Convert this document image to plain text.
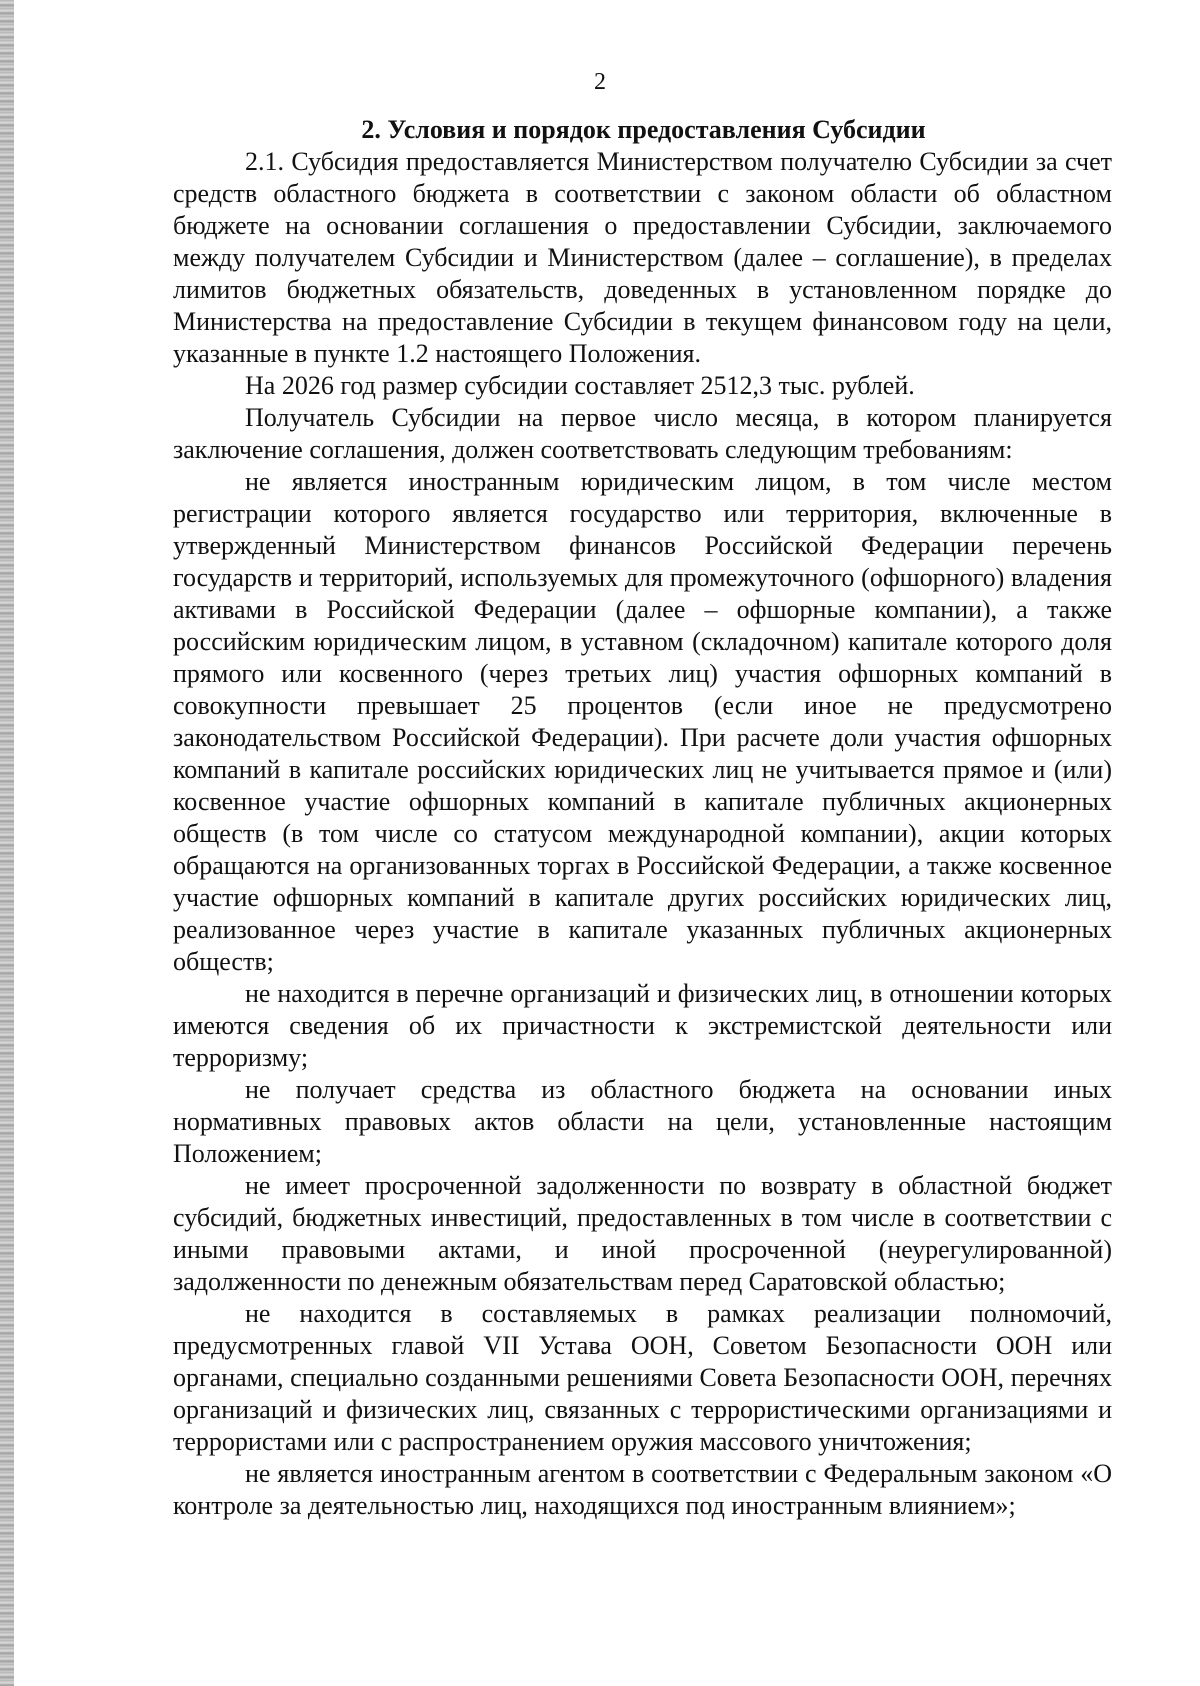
2

2. Условия и порядок предоставления Субсидии

2.1. Субсидия предоставляется Министерством получателю Субсидии за счет средств областного бюджета в соответствии с законом области об областном бюджете на основании соглашения о предоставлении Субсидии, заключаемого между получателем Субсидии и Министерством (далее – соглашение), в пределах лимитов бюджетных обязательств, доведенных в установленном порядке до Министерства на предоставление Субсидии в текущем финансовом году на цели, указанные в пункте 1.2 настоящего Положения.

На 2026 год размер субсидии составляет 2512,3 тыс. рублей.

Получатель Субсидии на первое число месяца, в котором планируется заключение соглашения, должен соответствовать следующим требованиям:

не является иностранным юридическим лицом, в том числе местом регистрации которого является государство или территория, включенные в утвержденный Министерством финансов Российской Федерации перечень государств и территорий, используемых для промежуточного (офшорного) владения активами в Российской Федерации (далее – офшорные компании), а также российским юридическим лицом, в уставном (складочном) капитале которого доля прямого или косвенного (через третьих лиц) участия офшорных компаний в совокупности превышает 25 процентов (если иное не предусмотрено законодательством Российской Федерации). При расчете доли участия офшорных компаний в капитале российских юридических лиц не учитывается прямое и (или) косвенное участие офшорных компаний в капитале публичных акционерных обществ (в том числе со статусом международной компании), акции которых обращаются на организованных торгах в Российской Федерации, а также косвенное участие офшорных компаний в капитале других российских юридических лиц, реализованное через участие в капитале указанных публичных акционерных обществ;

не находится в перечне организаций и физических лиц, в отношении которых имеются сведения об их причастности к экстремистской деятельности или терроризму;

не получает средства из областного бюджета на основании иных нормативных правовых актов области на цели, установленные настоящим Положением;

не имеет просроченной задолженности по возврату в областной бюджет субсидий, бюджетных инвестиций, предоставленных в том числе в соответствии с иными правовыми актами, и иной просроченной (неурегулированной) задолженности по денежным обязательствам перед Саратовской областью;

не находится в составляемых в рамках реализации полномочий, предусмотренных главой VII Устава ООН, Советом Безопасности ООН или органами, специально созданными решениями Совета Безопасности ООН, перечнях организаций и физических лиц, связанных с террористическими организациями и террористами или с распространением оружия массового уничтожения;

не является иностранным агентом в соответствии с Федеральным законом «О контроле за деятельностью лиц, находящихся под иностранным влиянием»;
